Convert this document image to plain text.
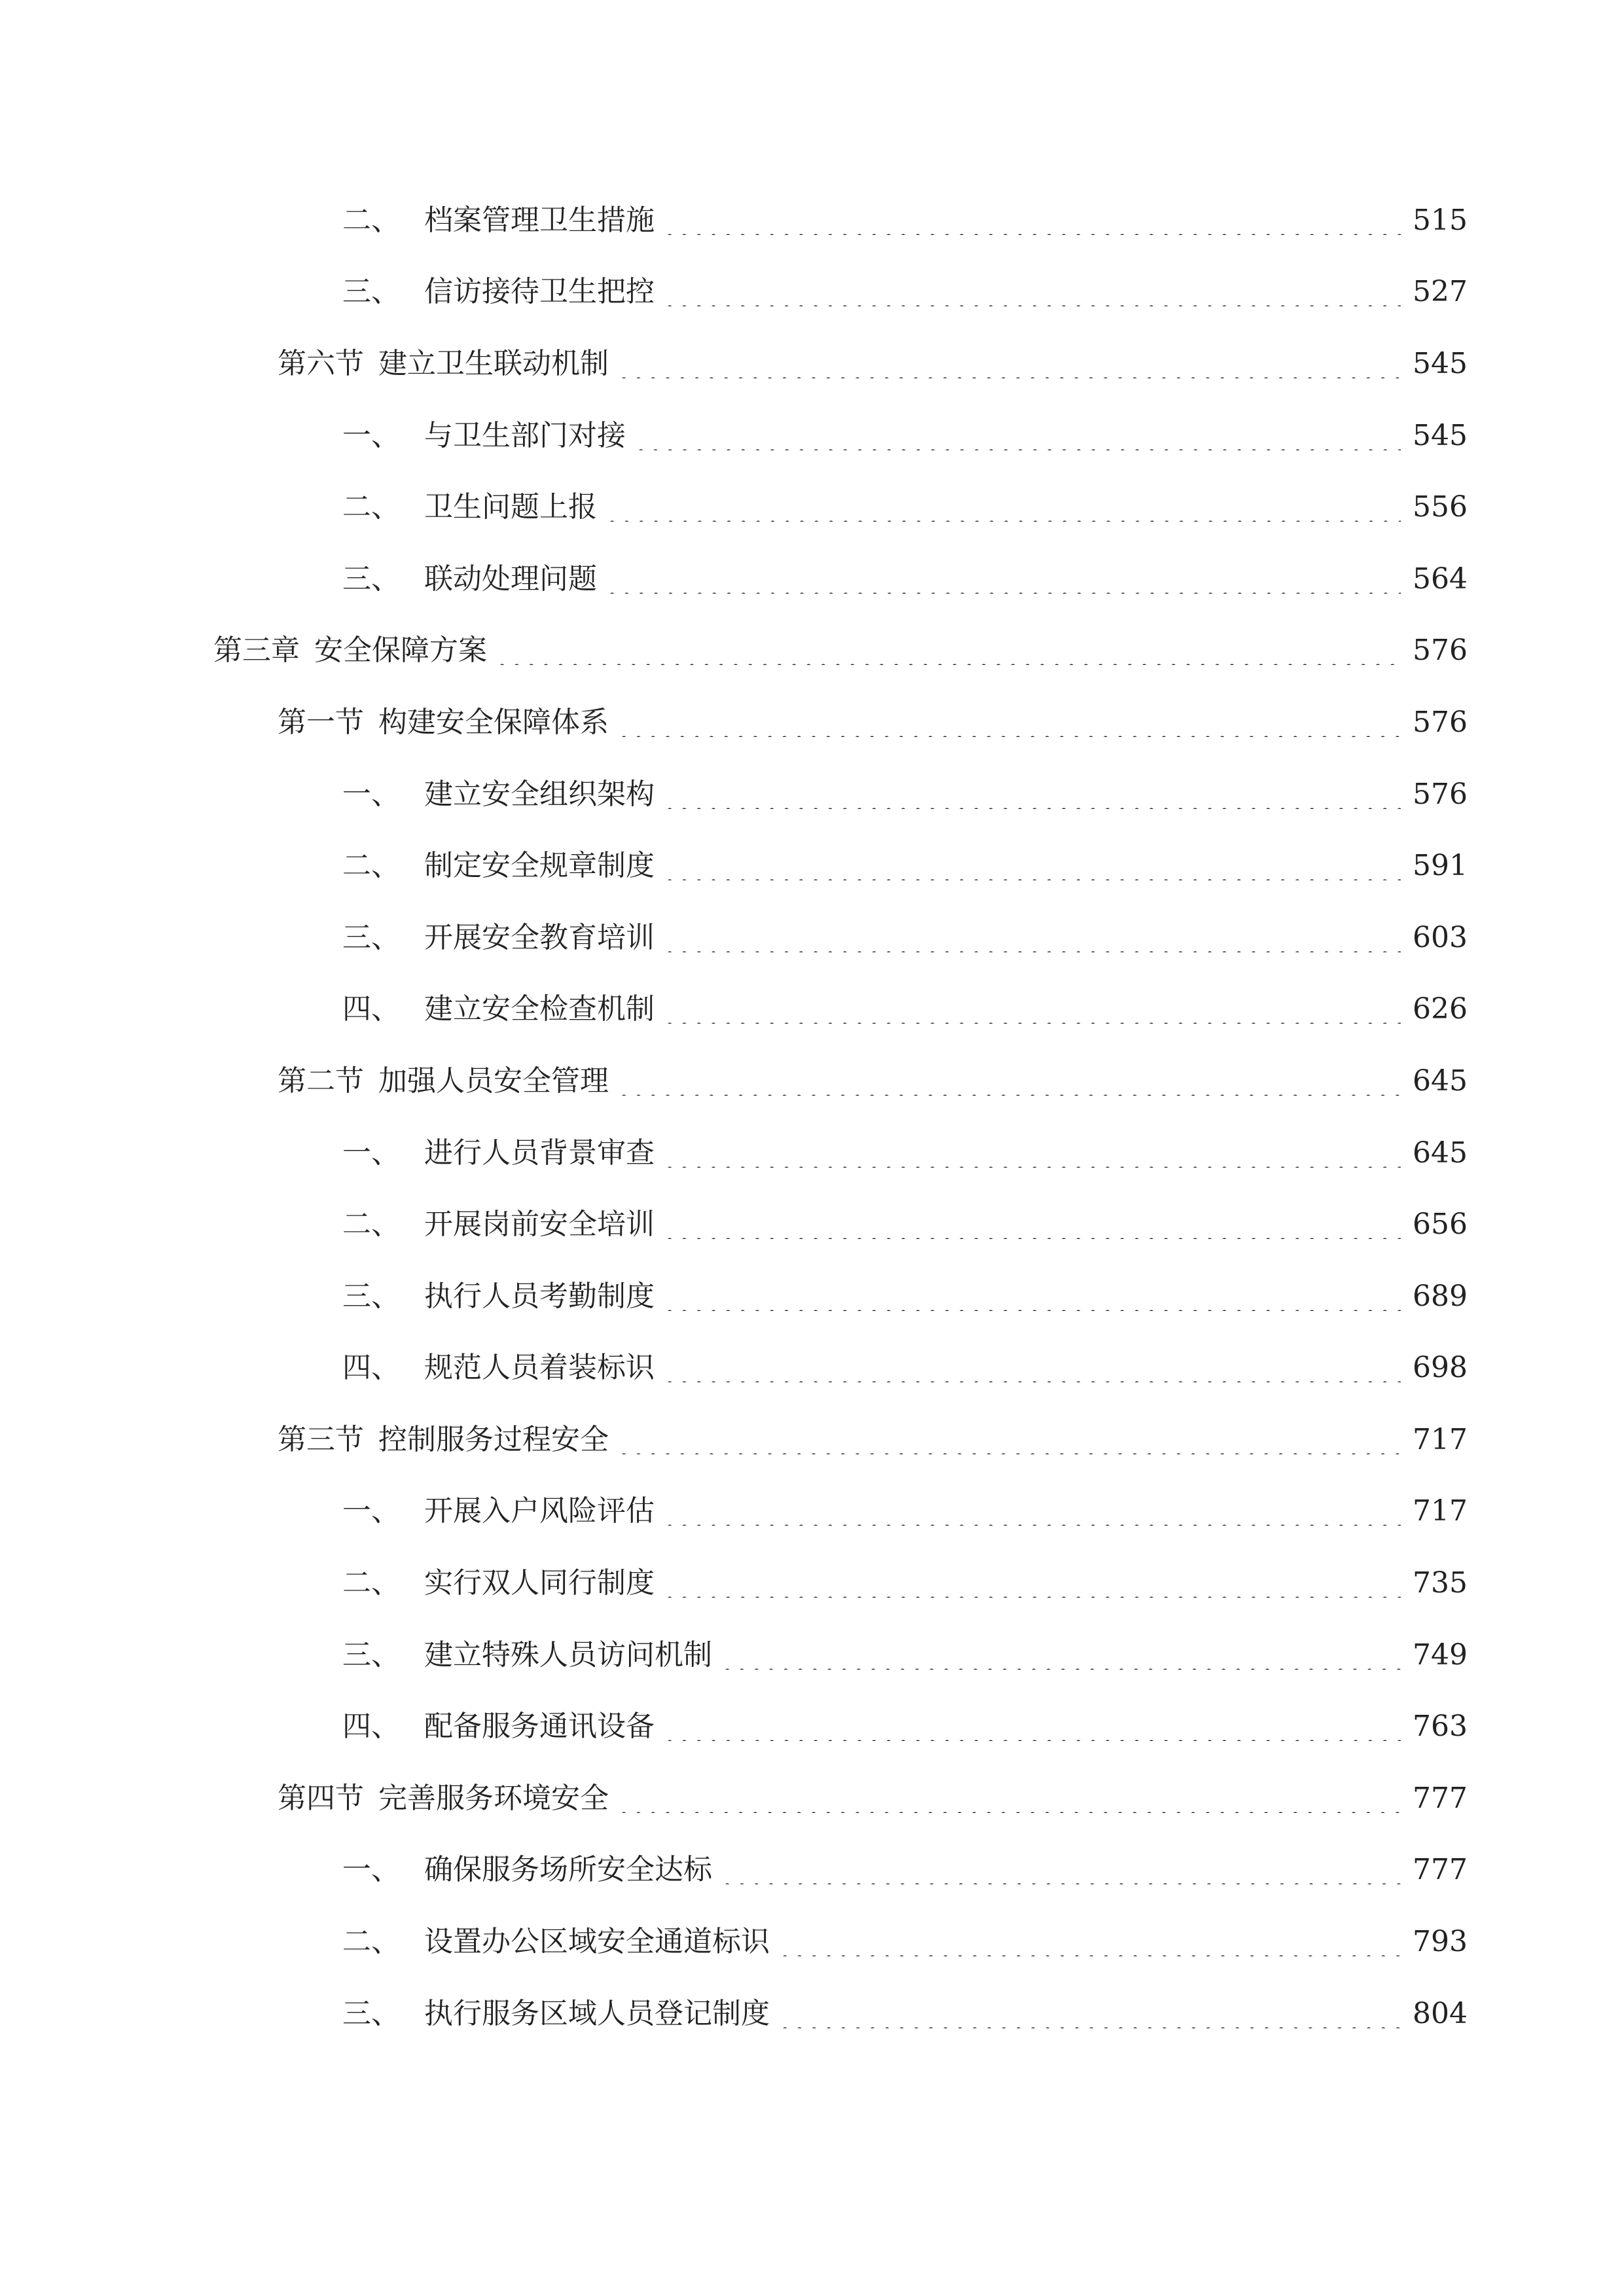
二、 档案管理卫生措施	515
三、 信访接待卫生把控	527
第六节 建立卫生联动机制	545
一、 与卫生部门对接	545
二、 卫生问题上报	556
三、 联动处理问题	564
第三章 安全保障方案	576
第一节 构建安全保障体系	576
一、 建立安全组织架构	576
二、 制定安全规章制度	591
三、 开展安全教育培训	603
四、 建立安全检查机制	626
第二节 加强人员安全管理	645
一、 进行人员背景审查	645
二、 开展岗前安全培训	656
三、 执行人员考勤制度	689
四、 规范人员着装标识	698
第三节 控制服务过程安全	717
一、 开展入户风险评估	717
二、 实行双人同行制度	735
三、 建立特殊人员访问机制	749
四、 配备服务通讯设备	763
第四节 完善服务环境安全	777
一、 确保服务场所安全达标	777
二、 设置办公区域安全通道标识	793
三、 执行服务区域人员登记制度	804
